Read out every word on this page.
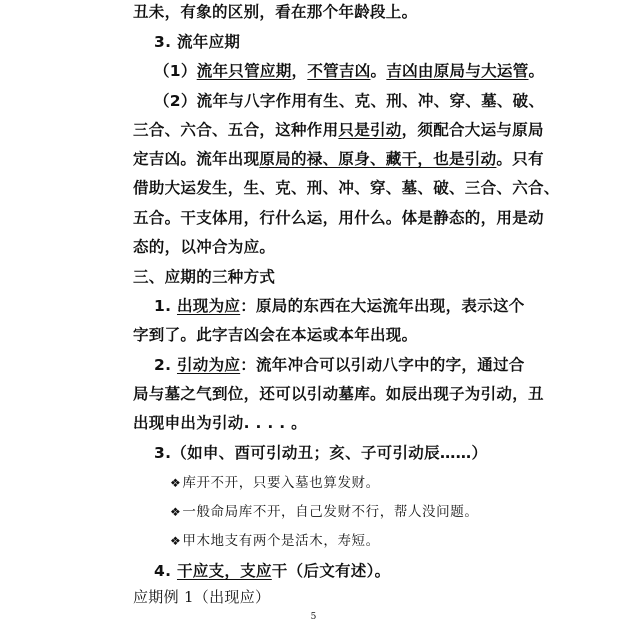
丑未，有象的区别，看在那个年龄段上。
3. 流年应期
（1）流年只管应期，不管吉凶。吉凶由原局与大运管。
（2）流年与八字作用有生、克、刑、冲、穿、墓、破、
三合、六合、五合，这种作用只是引动，须配合大运与原局
定吉凶。流年出现原局的禄、原身、藏干，也是引动。只有
借助大运发生，生、克、刑、冲、穿、墓、破、三合、六合、
五合。干支体用，行什么运，用什么。体是静态的，用是动
态的，以冲合为应。
三、应期的三种方式
1. 出现为应：原局的东西在大运流年出现，表示这个
字到了。此字吉凶会在本运或本年出现。
2. 引动为应：流年冲合可以引动八字中的字，通过合
局与墓之气到位，还可以引动墓库。如辰出现子为引动，丑
出现申出为引动. . . . 。
3.（如申、酉可引动丑；亥、子可引动辰……）
❖库开不开，只要入墓也算发财。
❖一般命局库不开，自己发财不行，帮人没问题。
❖甲木地支有两个是活木，寿短。
4. 干应支，支应干（后文有述）。
应期例 1（出现应）
5
